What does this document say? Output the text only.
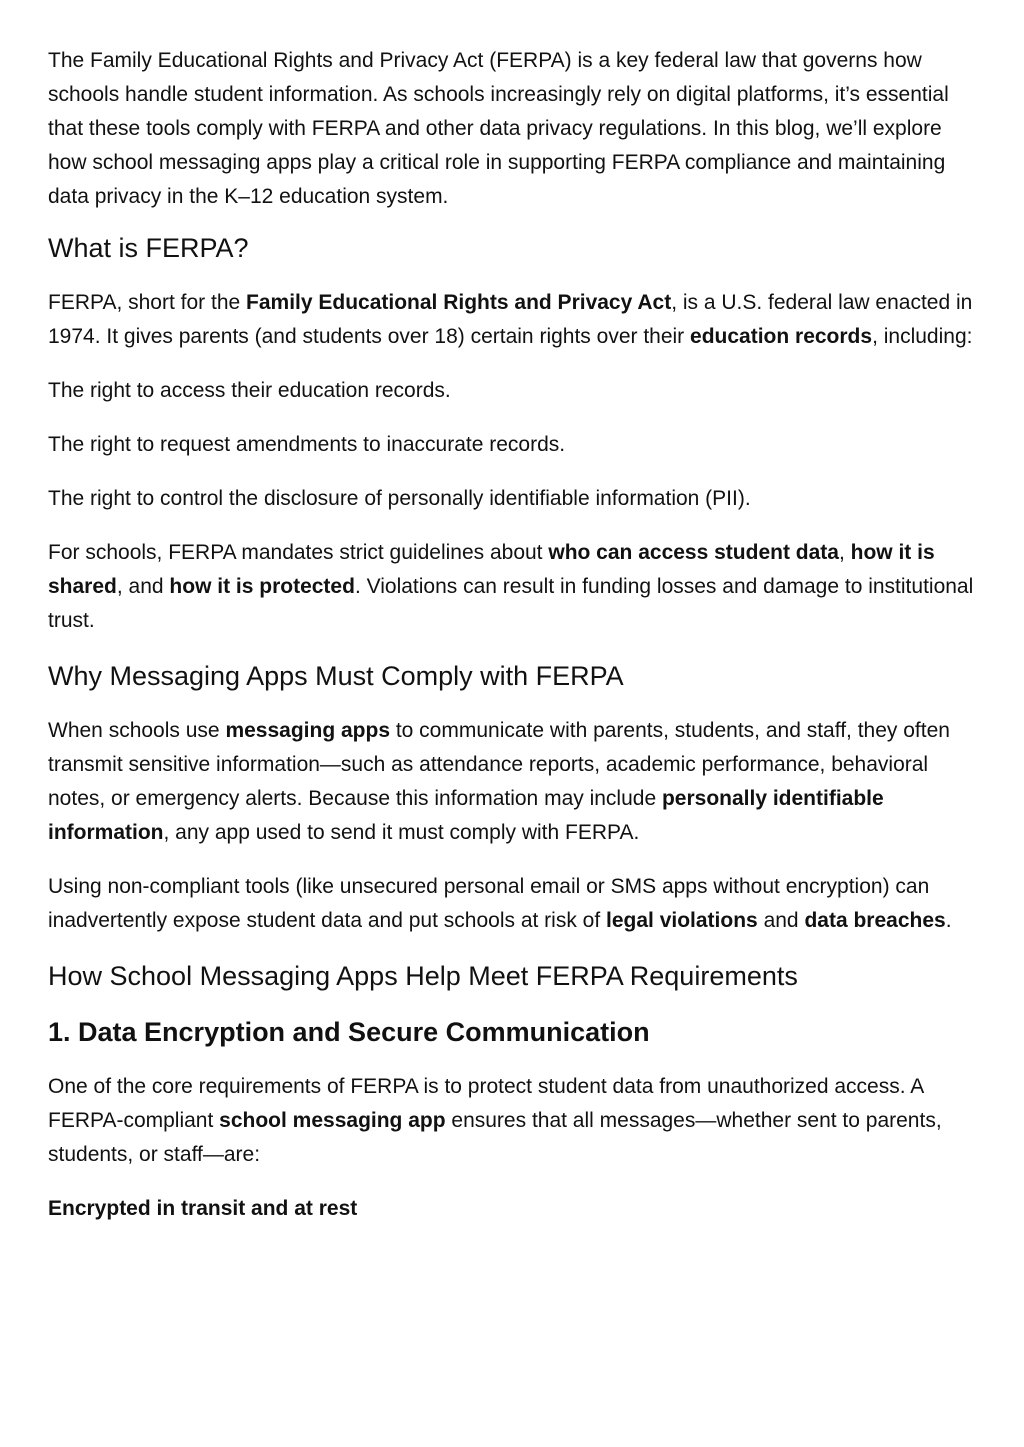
The Family Educational Rights and Privacy Act (FERPA) is a key federal law that governs how schools handle student information. As schools increasingly rely on digital platforms, it’s essential that these tools comply with FERPA and other data privacy regulations. In this blog, we’ll explore how school messaging apps play a critical role in supporting FERPA compliance and maintaining data privacy in the K–12 education system.

What is FERPA?

FERPA, short for the Family Educational Rights and Privacy Act, is a U.S. federal law enacted in 1974. It gives parents (and students over 18) certain rights over their education records, including:

The right to access their education records.

The right to request amendments to inaccurate records.

The right to control the disclosure of personally identifiable information (PII).

For schools, FERPA mandates strict guidelines about who can access student data, how it is shared, and how it is protected. Violations can result in funding losses and damage to institutional trust.

Why Messaging Apps Must Comply with FERPA

When schools use messaging apps to communicate with parents, students, and staff, they often transmit sensitive information—such as attendance reports, academic performance, behavioral notes, or emergency alerts. Because this information may include personally identifiable information, any app used to send it must comply with FERPA.

Using non-compliant tools (like unsecured personal email or SMS apps without encryption) can inadvertently expose student data and put schools at risk of legal violations and data breaches.

How School Messaging Apps Help Meet FERPA Requirements
1. Data Encryption and Secure Communication

One of the core requirements of FERPA is to protect student data from unauthorized access. A FERPA-compliant school messaging app ensures that all messages—whether sent to parents, students, or staff—are:

Encrypted in transit and at rest
